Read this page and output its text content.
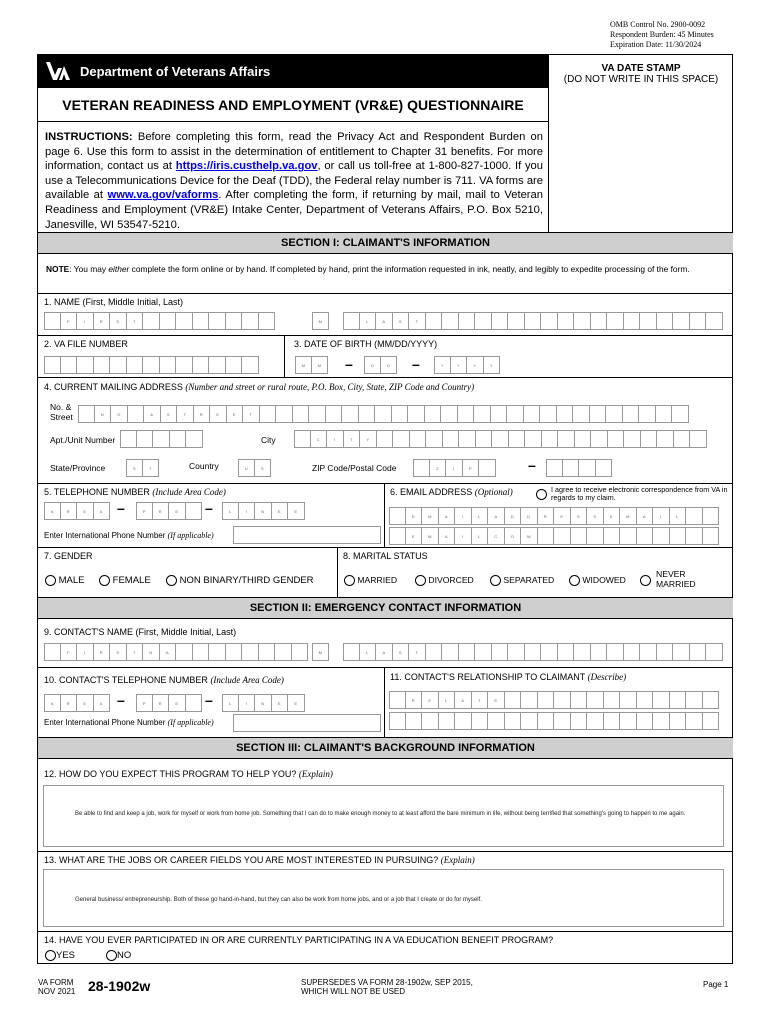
OMB Control No. 2900-0092
Respondent Burden: 45 Minutes
Expiration Date: 11/30/2024
Department of Veterans Affairs	VA DATE STAMP
(DO NOT WRITE IN THIS SPACE)
VETERAN READINESS AND EMPLOYMENT (VR&E) QUESTIONNAIRE
INSTRUCTIONS: Before completing this form, read the Privacy Act and Respondent Burden on page 6. Use this form to assist in the determination of entitlement to Chapter 31 benefits. For more information, contact us at https://iris.custhelp.va.gov, or call us toll-free at 1-800-827-1000. If you use a Telecommunications Device for the Deaf (TDD), the Federal relay number is 711. VA forms are available at www.va.gov/vaforms. After completing the form, if returning by mail, mail to Veteran Readiness and Employment (VR&E) Intake Center, Department of Veterans Affairs, P.O. Box 5210, Janesville, WI 53547-5210.
SECTION I: CLAIMANT'S INFORMATION
NOTE: You may either complete the form online or by hand. If completed by hand, print the information requested in ink, neatly, and legibly to expedite processing of the form.
1. NAME (First, Middle Initial, Last)
F	I	R	S	T	M	L	A	S	T
2. VA FILE NUMBER	3. DATE OF BIRTH (MM/DD/YYYY)
M	M	–	D	D	–	Y	Y	Y	Y
4. CURRENT MAILING ADDRESS (Number and street or rural route, P.O. Box, City, State, ZIP Code and Country)
No. & Street	N	O	&	S	T	R	E	E	T
Apt./Unit Number	City	C	I	T	Y
State/Province	S	T	Country	U	S	ZIP Code/Postal Code	Z	I	P	–
5. TELEPHONE NUMBER (Include Area Code)
A	R	E	A	–	P	R	E	–	L	I	N	E	E
Enter International Phone Number (If applicable)
6. EMAIL ADDRESS (Optional)	I agree to receive electronic correspondence from VA in regards to my claim.
E	M	A	I	L	A	D	D	R	E	S	S	E	M	A	I	L
E	M	A	I	L	C	O	M
7. GENDER
MALE	FEMALE	NON BINARY/THIRD GENDER
8. MARITAL STATUS
MARRIED	DIVORCED	SEPARATED	WIDOWED
NEVER MARRIED
SECTION II: EMERGENCY CONTACT INFORMATION
9. CONTACT'S NAME (First, Middle Initial, Last)
F	I	R	S	T	N	A	M	L	A	S	T
10. CONTACT'S TELEPHONE NUMBER (Include Area Code)
A	R	E	A	–	P	R	E	–	L	I	N	E	E
Enter International Phone Number (If applicable)
11. CONTACT'S RELATIONSHIP TO CLAIMANT (Describe)
R	E	L	A	T	E
SECTION III: CLAIMANT'S BACKGROUND INFORMATION
12. HOW DO YOU EXPECT THIS PROGRAM TO HELP YOU? (Explain)
Be able to find and keep a job, work for myself or work from home job. Something that I can do to make enough money to at least afford the bare minimum in life, without being terrified that something's going to happen to me again.
13. WHAT ARE THE JOBS OR CAREER FIELDS YOU ARE MOST INTERESTED IN PURSUING? (Explain)
General business/ entrepreneurship. Both of these go hand-in-hand, but they can also be work from home jobs, and or a job that I create or do for myself.
14. HAVE YOU EVER PARTICIPATED IN OR ARE CURRENTLY PARTICIPATING IN A VA EDUCATION BENEFIT PROGRAM?
YES	NO
VA FORM
NOV 2021 28-1902w	SUPERSEDES VA FORM 28-1902w, SEP 2015,
WHICH WILL NOT BE USED
Page 1
